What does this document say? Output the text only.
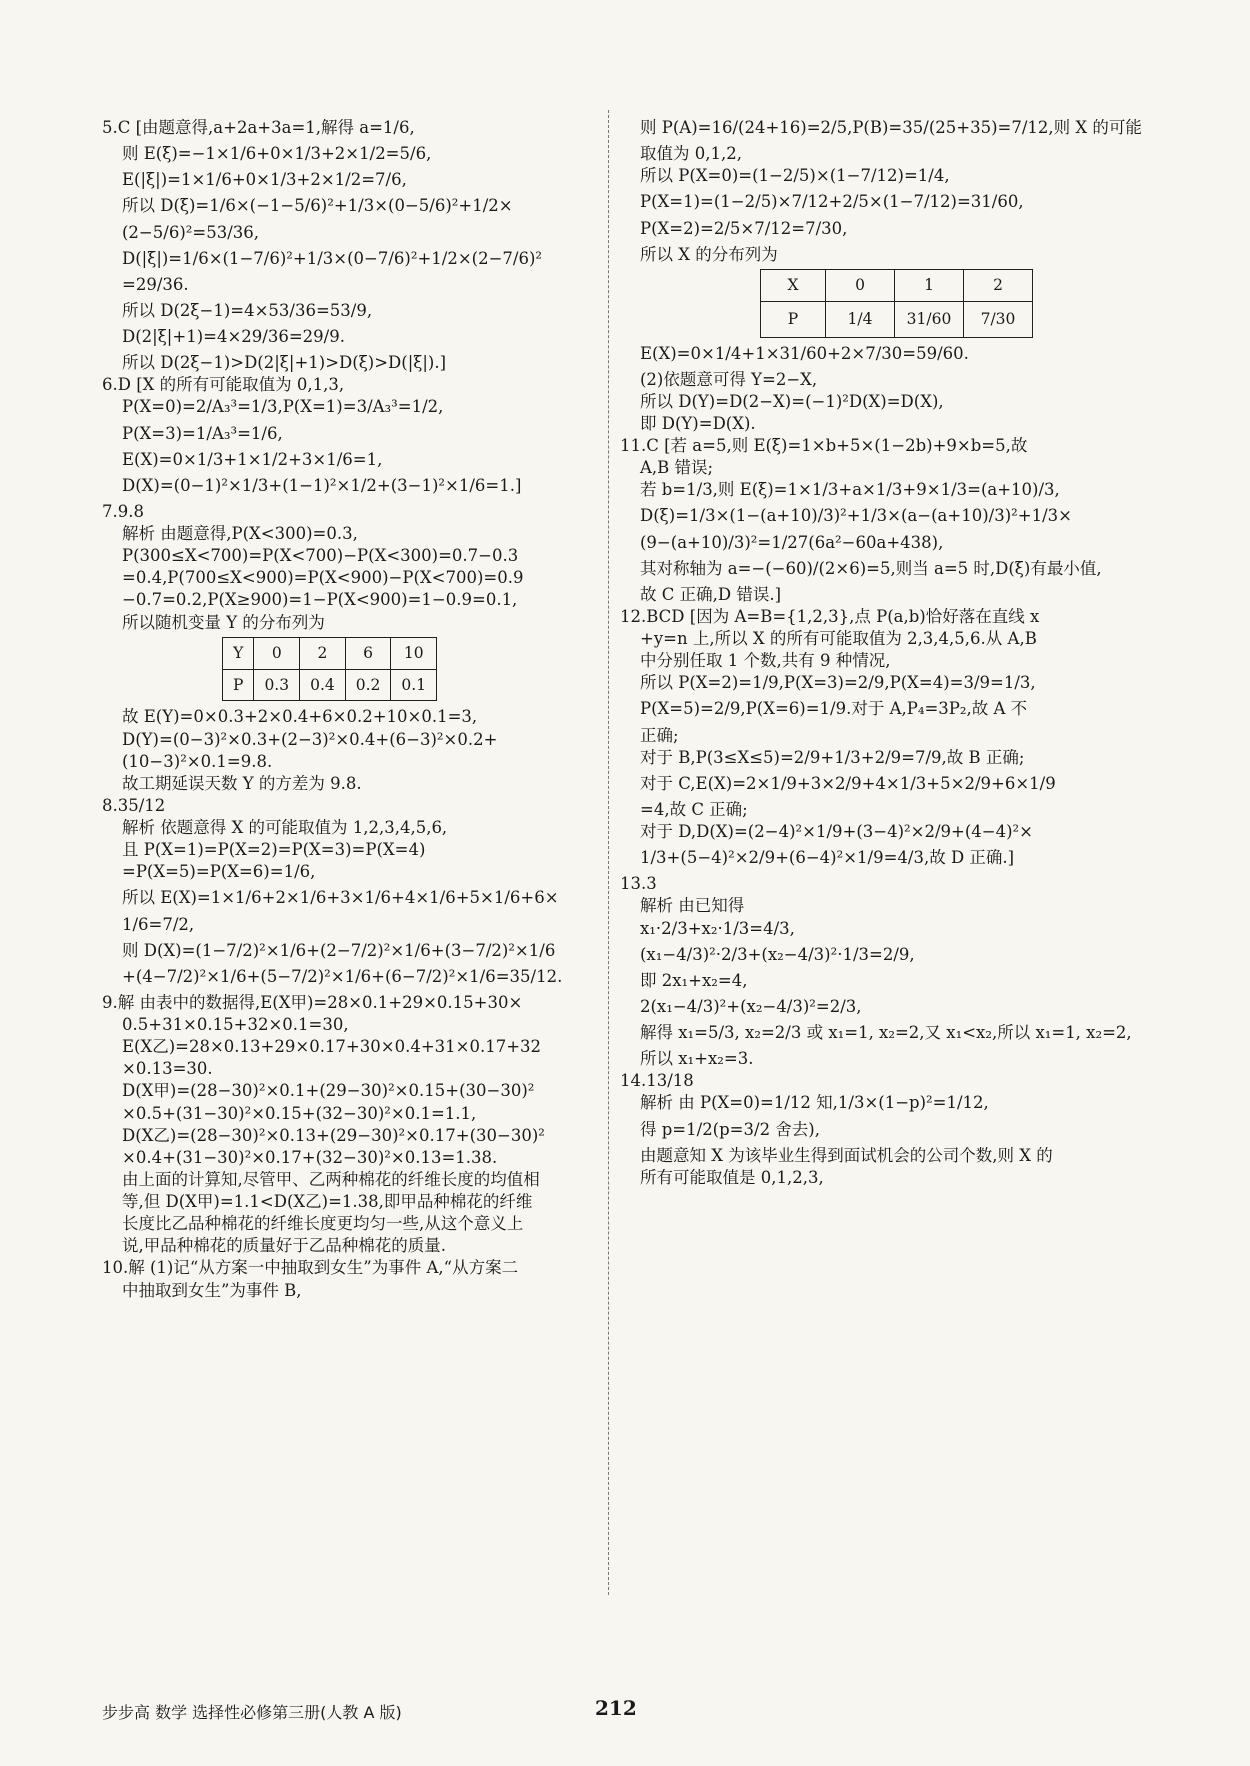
5.C [由题意得,a+2a+3a=1,解得 a=1/6,
则 E(ξ)=−1×1/6+0×1/3+2×1/2=5/6,
E(|ξ|)=1×1/6+0×1/3+2×1/2=7/6,
所以 D(ξ)=1/6×(−1−5/6)²+1/3×(0−5/6)²+1/2×
(2−5/6)²=53/36,
D(|ξ|)=1/6×(1−7/6)²+1/3×(0−7/6)²+1/2×(2−7/6)²
=29/36.
所以 D(2ξ−1)=4×53/36=53/9,
D(2|ξ|+1)=4×29/36=29/9.
所以 D(2ξ−1)>D(2|ξ|+1)>D(ξ)>D(|ξ|).]
6.D [X 的所有可能取值为 0,1,3,
P(X=0)=2/A₃³=1/3,P(X=1)=3/A₃³=1/2,
P(X=3)=1/A₃³=1/6,
E(X)=0×1/3+1×1/2+3×1/6=1,
D(X)=(0−1)²×1/3+(1−1)²×1/2+(3−1)²×1/6=1.]
7.9.8
解析 由题意得,P(X<300)=0.3,
P(300≤X<700)=P(X<700)−P(X<300)=0.7−0.3
=0.4,P(700≤X<900)=P(X<900)−P(X<700)=0.9
−0.7=0.2,P(X≥900)=1−P(X<900)=1−0.9=0.1,
所以随机变量 Y 的分布列为
Y	0	2	6	10
P	0.3	0.4	0.2	0.1
故 E(Y)=0×0.3+2×0.4+6×0.2+10×0.1=3,
D(Y)=(0−3)²×0.3+(2−3)²×0.4+(6−3)²×0.2+
(10−3)²×0.1=9.8.
故工期延误天数 Y 的方差为 9.8.
8.35/12
解析 依题意得 X 的可能取值为 1,2,3,4,5,6,
且 P(X=1)=P(X=2)=P(X=3)=P(X=4)
=P(X=5)=P(X=6)=1/6,
所以 E(X)=1×1/6+2×1/6+3×1/6+4×1/6+5×1/6+6×
1/6=7/2,
则 D(X)=(1−7/2)²×1/6+(2−7/2)²×1/6+(3−7/2)²×1/6
+(4−7/2)²×1/6+(5−7/2)²×1/6+(6−7/2)²×1/6=35/12.
9.解 由表中的数据得,E(X甲)=28×0.1+29×0.15+30×
0.5+31×0.15+32×0.1=30,
E(X乙)=28×0.13+29×0.17+30×0.4+31×0.17+32
×0.13=30.
D(X甲)=(28−30)²×0.1+(29−30)²×0.15+(30−30)²
×0.5+(31−30)²×0.15+(32−30)²×0.1=1.1,
D(X乙)=(28−30)²×0.13+(29−30)²×0.17+(30−30)²
×0.4+(31−30)²×0.17+(32−30)²×0.13=1.38.
由上面的计算知,尽管甲、乙两种棉花的纤维长度的均值相
等,但 D(X甲)=1.1<D(X乙)=1.38,即甲品种棉花的纤维
长度比乙品种棉花的纤维长度更均匀一些,从这个意义上
说,甲品种棉花的质量好于乙品种棉花的质量.
10.解 (1)记“从方案一中抽取到女生”为事件 A,“从方案二
中抽取到女生”为事件 B,
则 P(A)=16/(24+16)=2/5,P(B)=35/(25+35)=7/12,则 X 的可能
取值为 0,1,2,
所以 P(X=0)=(1−2/5)×(1−7/12)=1/4,
P(X=1)=(1−2/5)×7/12+2/5×(1−7/12)=31/60,
P(X=2)=2/5×7/12=7/30,
所以 X 的分布列为
X	0	1	2
P	1/4	31/60	7/30
E(X)=0×1/4+1×31/60+2×7/30=59/60.
(2)依题意可得 Y=2−X,
所以 D(Y)=D(2−X)=(−1)²D(X)=D(X),
即 D(Y)=D(X).
11.C [若 a=5,则 E(ξ)=1×b+5×(1−2b)+9×b=5,故
A,B 错误;
若 b=1/3,则 E(ξ)=1×1/3+a×1/3+9×1/3=(a+10)/3,
D(ξ)=1/3×(1−(a+10)/3)²+1/3×(a−(a+10)/3)²+1/3×
(9−(a+10)/3)²=1/27(6a²−60a+438),
其对称轴为 a=−(−60)/(2×6)=5,则当 a=5 时,D(ξ)有最小值,
故 C 正确,D 错误.]
12.BCD [因为 A=B={1,2,3},点 P(a,b)恰好落在直线 x
+y=n 上,所以 X 的所有可能取值为 2,3,4,5,6.从 A,B
中分别任取 1 个数,共有 9 种情况,
所以 P(X=2)=1/9,P(X=3)=2/9,P(X=4)=3/9=1/3,
P(X=5)=2/9,P(X=6)=1/9.对于 A,P₄=3P₂,故 A 不
正确;
对于 B,P(3≤X≤5)=2/9+1/3+2/9=7/9,故 B 正确;
对于 C,E(X)=2×1/9+3×2/9+4×1/3+5×2/9+6×1/9
=4,故 C 正确;
对于 D,D(X)=(2−4)²×1/9+(3−4)²×2/9+(4−4)²×
1/3+(5−4)²×2/9+(6−4)²×1/9=4/3,故 D 正确.]
13.3
解析 由已知得
x₁·2/3+x₂·1/3=4/3,
(x₁−4/3)²·2/3+(x₂−4/3)²·1/3=2/9,
即 2x₁+x₂=4,
2(x₁−4/3)²+(x₂−4/3)²=2/3,
解得 x₁=5/3, x₂=2/3 或 x₁=1, x₂=2,又 x₁<x₂,所以 x₁=1, x₂=2,
所以 x₁+x₂=3.
14.13/18
解析 由 P(X=0)=1/12 知,1/3×(1−p)²=1/12,
得 p=1/2(p=3/2 舍去),
由题意知 X 为该毕业生得到面试机会的公司个数,则 X 的
所有可能取值是 0,1,2,3,
步步高 数学 选择性必修第三册(人教 A 版)	212
